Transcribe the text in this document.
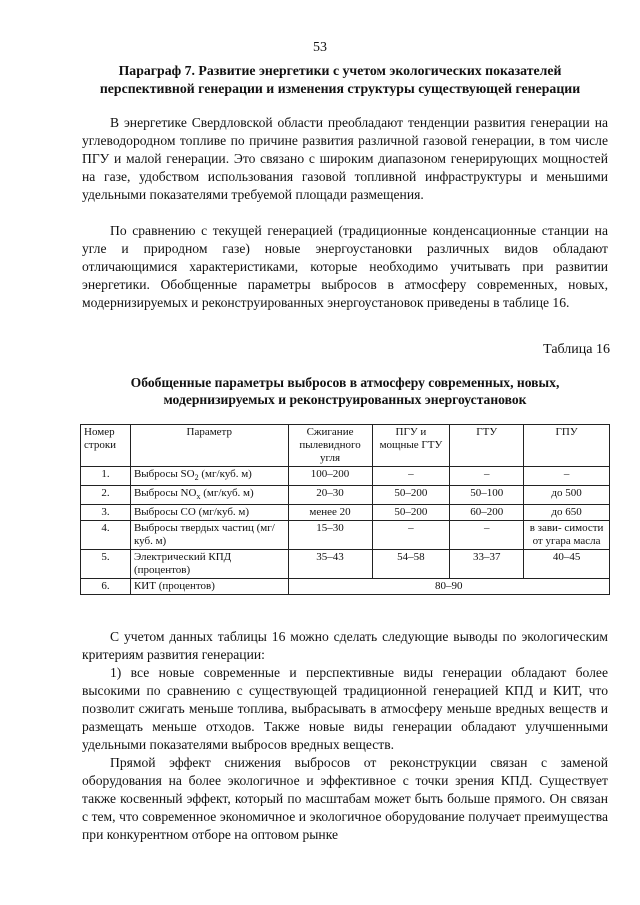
53
Параграф 7. Развитие энергетики с учетом экологических показателей перспективной генерации и изменения структуры существующей генерации

В энергетике Свердловской области преобладают тенденции развития генерации на углеводородном топливе по причине развития различной газовой генерации, в том числе ПГУ и малой генерации. Это связано с широким диапазоном генерирующих мощностей на газе, удобством использования газовой топливной инфраструктуры и меньшими удельными показателями требуемой площади размещения.

По сравнению с текущей генерацией (традиционные конденсационные станции на угле и природном газе) новые энергоустановки различных видов обладают отличающимися характеристиками, которые необходимо учитывать при развитии энергетики. Обобщенные параметры выбросов в атмосферу современных, новых, модернизируемых и реконструированных энергоустановок приведены в таблице 16.

Таблица 16
Обобщенные параметры выбросов в атмосферу современных, новых, модернизируемых и реконструированных энергоустановок
Номер строки	Параметр	Сжигание пылевидного угля	ПГУ и мощные ГТУ	ГТУ	ГПУ
1.	Выбросы $SO_2$ (мг/куб. м)	100–200	–	–	–
2.	Выбросы $NO_x$ (мг/куб. м)	20–30	50–200	50–100	до 500
3.	Выбросы CO (мг/куб. м)	менее 20	50–200	60–200	до 650
4.	Выбросы твердых частиц (мг/куб. м)	15–30	–	–	в зави- симости от угара масла
5.	Электрический КПД (процентов)	35–43	54–58	33–37	40–45
6.	КИТ (процентов)	80–90			

С учетом данных таблицы 16 можно сделать следующие выводы по экологическим критериям развития генерации:

1) все новые современные и перспективные виды генерации обладают более высокими по сравнению с существующей традиционной генерацией КПД и КИТ, что позволит сжигать меньше топлива, выбрасывать в атмосферу меньше вредных веществ и размещать меньше отходов. Также новые виды генерации обладают улучшенными удельными показателями выбросов вредных веществ.

Прямой эффект снижения выбросов от реконструкции связан с заменой оборудования на более экологичное и эффективное с точки зрения КПД. Существует также косвенный эффект, который по масштабам может быть больше прямого. Он связан с тем, что современное экономичное и экологичное оборудование получает преимущества при конкурентном отборе на оптовом рынке
